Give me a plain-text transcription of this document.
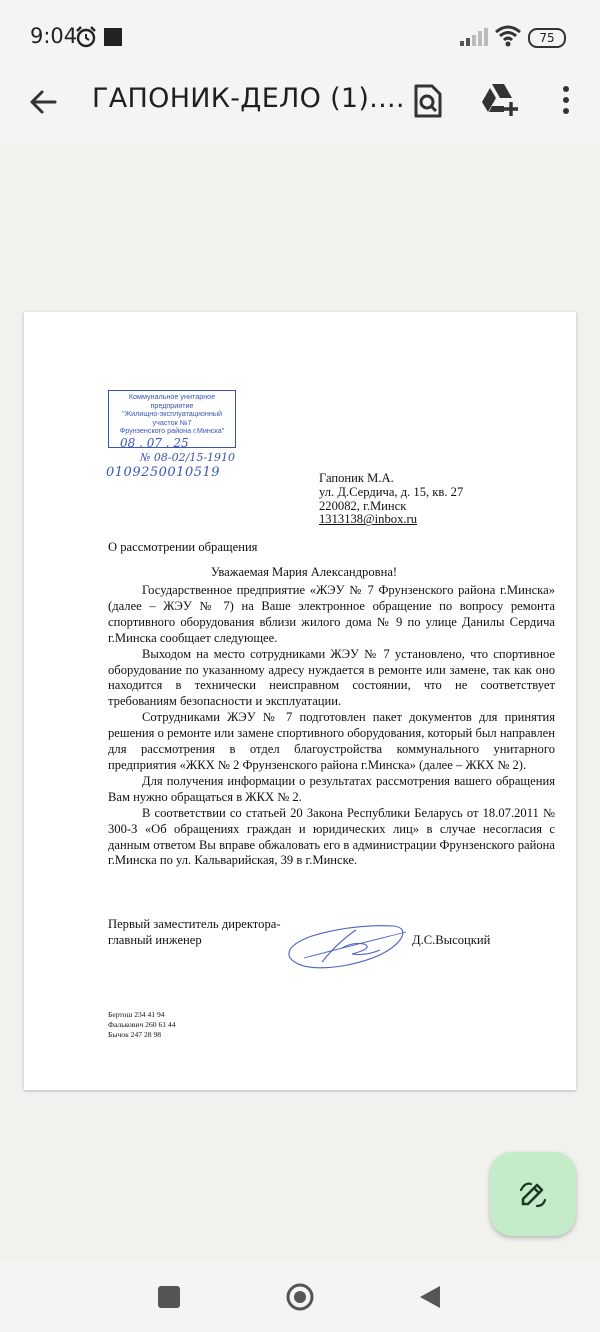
9:04	75
ГАПОНИК-ДЕЛО (1)....
Коммунальное унитарное
предприятие
"Жилищно-эксплуатационный
участок №7
Фрунзенского района г.Минска"
08 . 07 . 25
№ 08-02/15-1910
0109250010519	Гапоник М.А.
ул. Д.Сердича, д. 15, кв. 27
220082, г.Минск
1313138@inbox.ru
О рассмотрении обращения
Уважаемая Мария Александровна!

Государственное предприятие «ЖЭУ № 7 Фрунзенского района г.Минска» (далее – ЖЭУ № 7) на Ваше электронное обращение по вопросу ремонта спортивного оборудования вблизи жилого дома № 9 по улице Данилы Сердича г.Минска сообщает следующее.

Выходом на место сотрудниками ЖЭУ № 7 установлено, что спортивное оборудование по указанному адресу нуждается в ремонте или замене, так как оно находится в технически неисправном состоянии, что не соответствует требованиям безопасности и эксплуатации.

Сотрудниками ЖЭУ № 7 подготовлен пакет документов для принятия решения о ремонте или замене спортивного оборудования, который был направлен для рассмотрения в отдел благоустройства коммунального унитарного предприятия «ЖКХ № 2 Фрунзенского района г.Минска» (далее – ЖКХ № 2).

Для получения информации о результатах рассмотрения вашего обращения Вам нужно обращаться в ЖКХ № 2.

В соответствии со статьей 20 Закона Республики Беларусь от 18.07.2011 № 300-З «Об обращениях граждан и юридических лиц» в случае несогласия с данным ответом Вы вправе обжаловать его в администрации Фрунзенского района г.Минска по ул. Кальварийская, 39 в г.Минске.

Первый заместитель директора-
главный инженер	Д.С.Высоцкий
Бертош 234 41 94
Фалькович 260 61 44
Бычок 247 28 98
